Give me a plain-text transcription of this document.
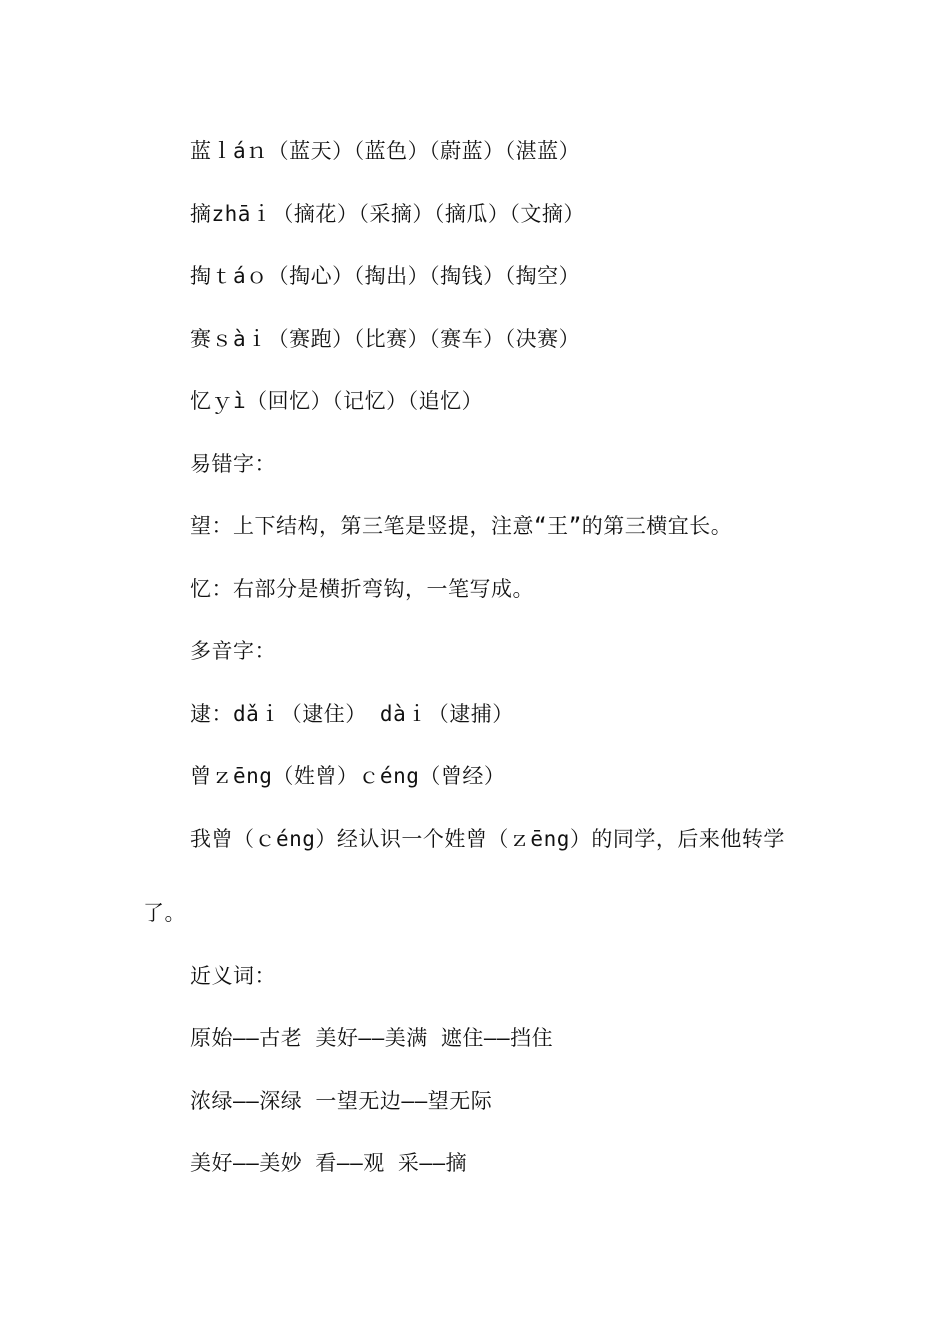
蓝ｌáｎ（蓝天）（蓝色）（蔚蓝）（湛蓝）
摘zhāｉ（摘花）（采摘）（摘瓜）（文摘）
掏ｔáｏ（掏心）（掏出）（掏钱）（掏空）
赛ｓàｉ（赛跑）（比赛）（赛车）（决赛）
忆ｙì（回忆）（记忆）（追忆）
易错字：
望：上下结构，第三笔是竖提，注意“王”的第三横宜长。
忆：右部分是横折弯钩，一笔写成。
多音字：
逮：dǎｉ（逮住） dàｉ（逮捕）
曾ｚēng（姓曾）ｃéng（曾经）
我曾（ｃéng）经认识一个姓曾（ｚēng）的同学，后来他转学
了。
近义词：
原始——古老 美好——美满 遮住——挡住
浓绿——深绿 一望无边——望无际
美好——美妙 看——观 采——摘
